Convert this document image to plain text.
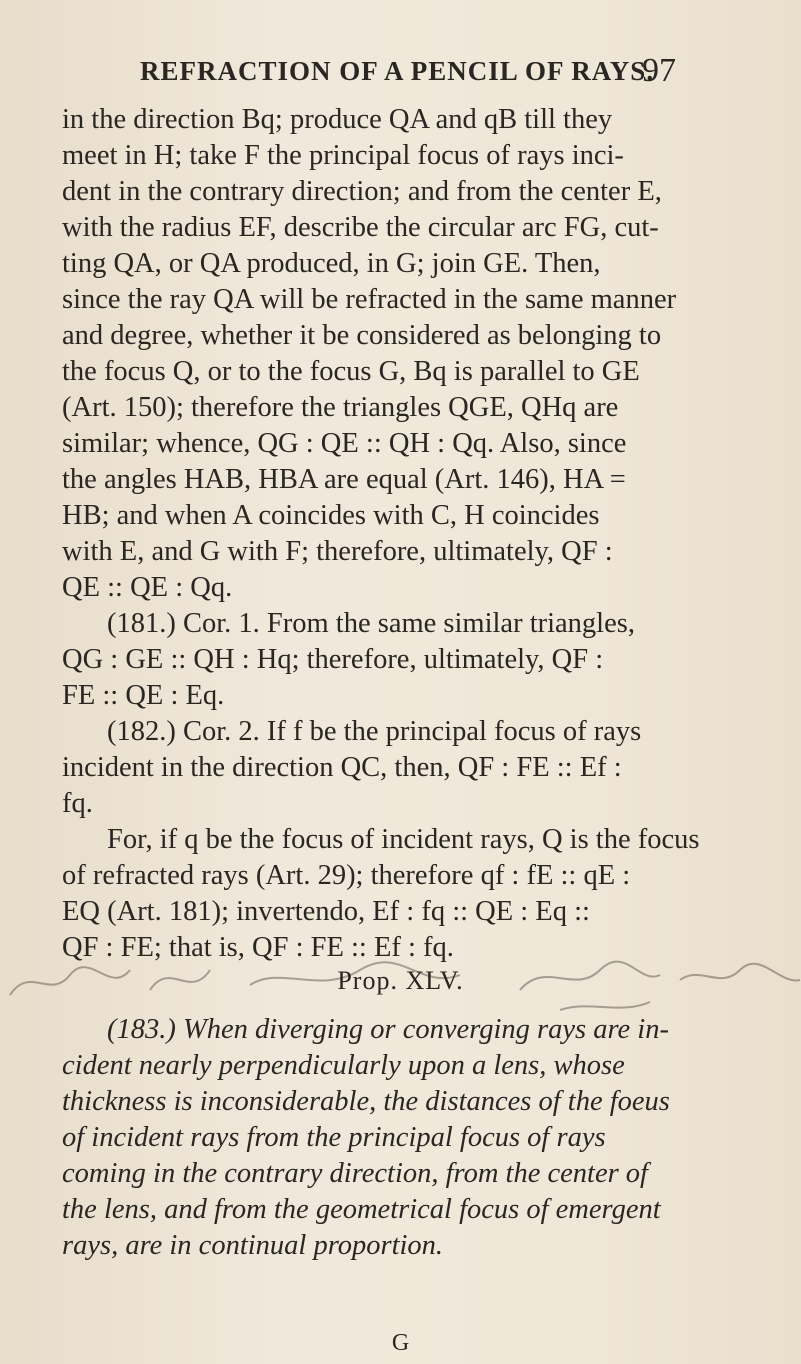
REFRACTION OF A PENCIL OF RAYS.
97
in the direction Bq; produce QA and qB till they
meet in H; take F the principal focus of rays inci-
dent in the contrary direction; and from the center E,
with the radius EF, describe the circular arc FG, cut-
ting QA, or QA produced, in G; join GE. Then,
since the ray QA will be refracted in the same manner
and degree, whether it be considered as belonging to
the focus Q, or to the focus G, Bq is parallel to GE
(Art. 150); therefore the triangles QGE, QHq are
similar; whence, QG : QE :: QH : Qq. Also, since
the angles HAB, HBA are equal (Art. 146), HA =
HB; and when A coincides with C, H coincides
with E, and G with F; therefore, ultimately, QF :
QE :: QE : Qq.
(181.) Cor. 1. From the same similar triangles,
QG : GE :: QH : Hq; therefore, ultimately, QF :
FE :: QE : Eq.
(182.) Cor. 2. If f be the principal focus of rays
incident in the direction QC, then, QF : FE :: Ef :
fq.
For, if q be the focus of incident rays, Q is the focus
of refracted rays (Art. 29); therefore qf : fE :: qE :
EQ (Art. 181); invertendo, Ef : fq :: QE : Eq ::
QF : FE; that is, QF : FE :: Ef : fq.
Prop. XLV.
(183.) When diverging or converging rays are in-
cident nearly perpendicularly upon a lens, whose
thickness is inconsiderable, the distances of the foeus
of incident rays from the principal focus of rays
coming in the contrary direction, from the center of
the lens, and from the geometrical focus of emergent
rays, are in continual proportion.
G
